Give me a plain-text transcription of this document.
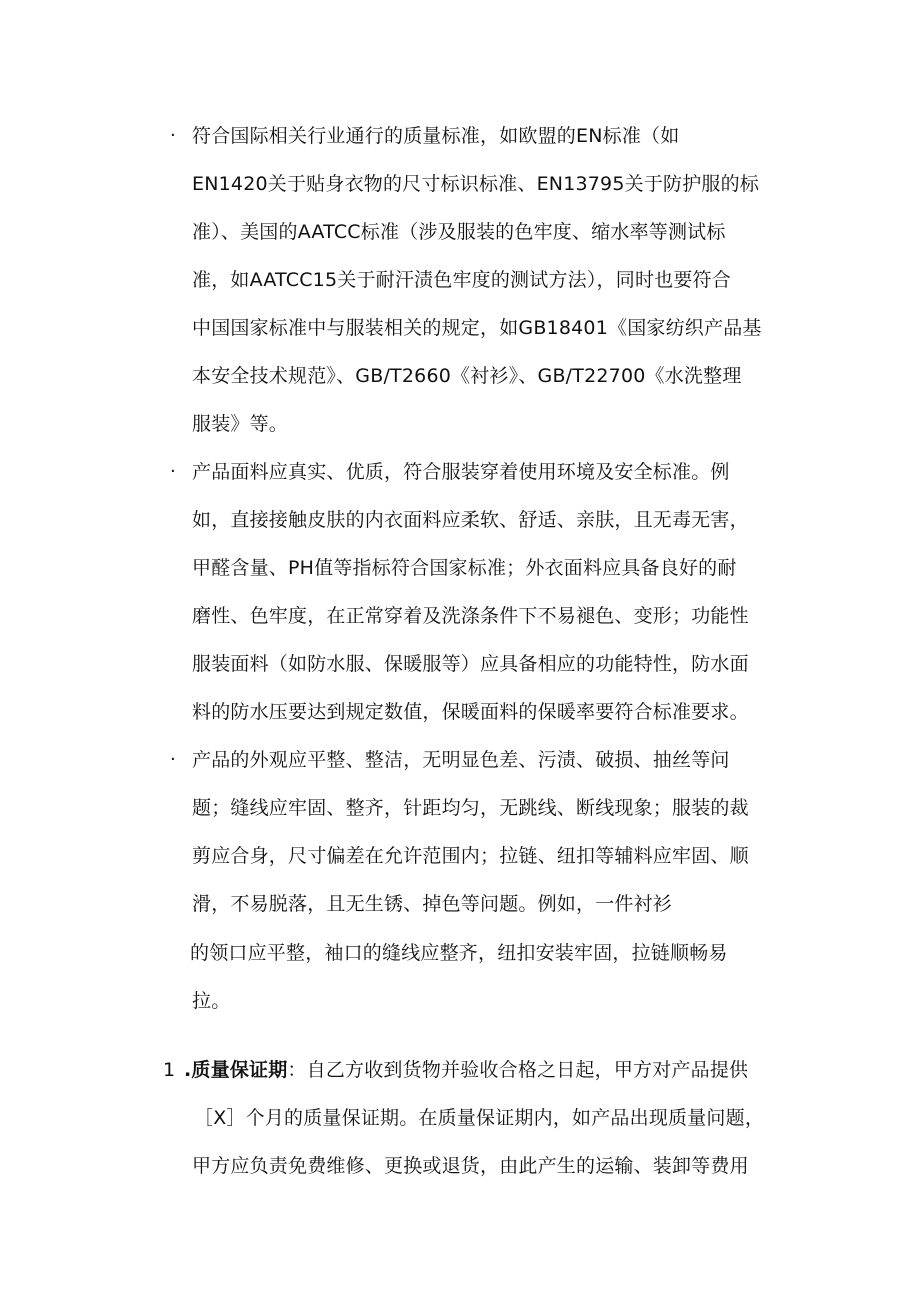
· 符合国际相关行业通行的质量标准，如欧盟的EN标准（如
EN1420关于贴身衣物的尺寸标识标准、EN13795关于防护服的标
准）、美国的AATCC标准（涉及服装的色牢度、缩水率等测试标
准，如AATCC15关于耐汗渍色牢度的测试方法），同时也要符合
中国国家标准中与服装相关的规定，如GB18401《国家纺织产品基
本安全技术规范》、GB/T2660《衬衫》、GB/T22700《水洗整理
服装》等。
· 产品面料应真实、优质，符合服装穿着使用环境及安全标准。例
如，直接接触皮肤的内衣面料应柔软、舒适、亲肤，且无毒无害，
甲醛含量、PH值等指标符合国家标准；外衣面料应具备良好的耐
磨性、色牢度，在正常穿着及洗涤条件下不易褪色、变形；功能性
服装面料（如防水服、保暖服等）应具备相应的功能特性，防水面
料的防水压要达到规定数值，保暖面料的保暖率要符合标准要求。
· 产品的外观应平整、整洁，无明显色差、污渍、破损、抽丝等问
题；缝线应牢固、整齐，针距均匀，无跳线、断线现象；服装的裁
剪应合身，尺寸偏差在允许范围内；拉链、纽扣等辅料应牢固、顺
滑，不易脱落，且无生锈、掉色等问题。例如，一件衬衫
的领口应平整，袖口的缝线应整齐，纽扣安装牢固，拉链顺畅易
拉。
1 .质量保证期：自乙方收到货物并验收合格之日起，甲方对产品提供
［X］个月的质量保证期。在质量保证期内，如产品出现质量问题，
甲方应负责免费维修、更换或退货，由此产生的运输、装卸等费用
